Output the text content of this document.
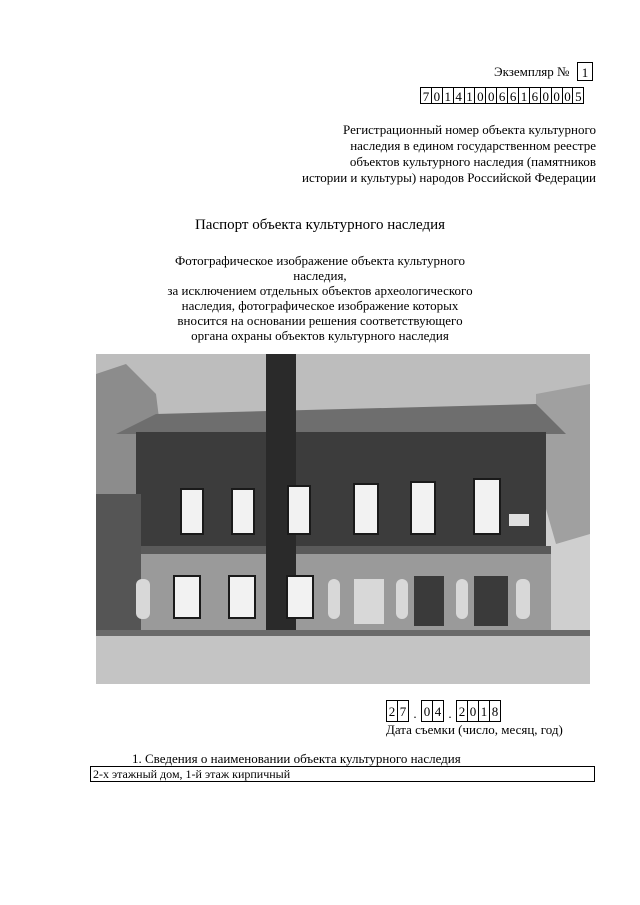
Экземпляр № 1
7 0 1 4 1 0 0 6 6 1 6 0 0 0 5
Регистрационный номер объекта культурного
наследия в едином государственном реестре
объектов культурного наследия (памятников
истории и культуры) народов Российской Федерации
Паспорт объекта культурного наследия
Фотографическое изображение объекта культурного наследия,
за исключением отдельных объектов археологического
наследия, фотографическое изображение которых
вносится на основании решения соответствующего
органа охраны объектов культурного наследия
2 7 . 0 4 . 2 0 1 8
Дата съемки (число, месяц, год)
1. Сведения о наименовании объекта культурного наследия
2-х этажный дом, 1-й этаж кирпичный
